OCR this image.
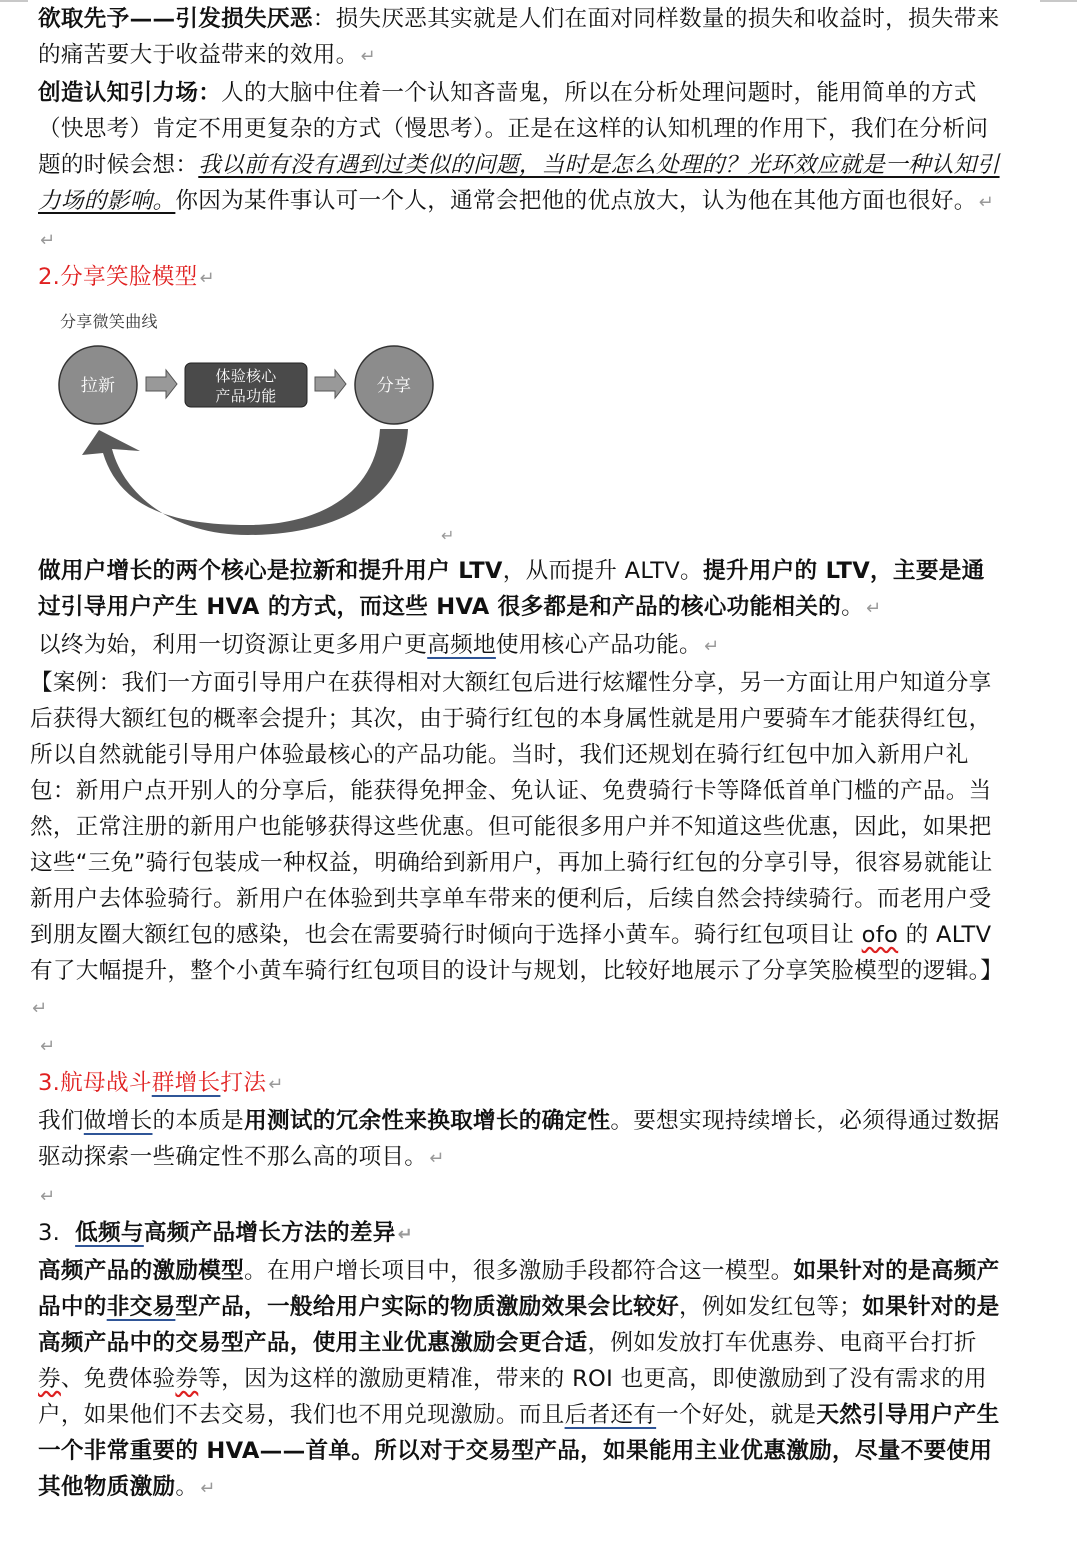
欲取先予——引发损失厌恶：损失厌恶其实就是人们在面对同样数量的损失和收益时，损失带来的痛苦要大于收益带来的效用。 ↵

创造认知引力场：人的大脑中住着一个认知吝啬鬼，所以在分析处理问题时，能用简单的方式（快思考）肯定不用更复杂的方式（慢思考）。正是在这样的认知机理的作用下，我们在分析问题的时候会想：我以前有没有遇到过类似的问题，当时是怎么处理的？光环效应就是一种认知引力场的影响。你因为某件事认可一个人，通常会把他的优点放大，认为他在其他方面也很好。 ↵

↵

2.分享笑脸模型 ↵

分享微笑曲线
拉新	体验核心
产品功能	分享
↵

做用户增长的两个核心是拉新和提升用户 LTV，从而提升 ALTV。提升用户的 LTV，主要是通过引导用户产生 HVA 的方式，而这些 HVA 很多都是和产品的核心功能相关的。 ↵

以终为始，利用一切资源让更多用户更高频地使用核心产品功能。 ↵

【案例：我们一方面引导用户在获得相对大额红包后进行炫耀性分享，另一方面让用户知道分享后获得大额红包的概率会提升；其次，由于骑行红包的本身属性就是用户要骑车才能获得红包，所以自然就能引导用户体验最核心的产品功能。当时，我们还规划在骑行红包中加入新用户礼包：新用户点开别人的分享后，能获得免押金、免认证、免费骑行卡等降低首单门槛的产品。当然，正常注册的新用户也能够获得这些优惠。但可能很多用户并不知道这些优惠，因此，如果把这些“三免”骑行包装成一种权益，明确给到新用户，再加上骑行红包的分享引导，很容易就能让新用户去体验骑行。新用户在体验到共享单车带来的便利后，后续自然会持续骑行。而老用户受到朋友圈大额红包的感染，也会在需要骑行时倾向于选择小黄车。骑行红包项目让 ofo 的 ALTV 有了大幅提升，整个小黄车骑行红包项目的设计与规划，比较好地展示了分享笑脸模型的逻辑。】↵

↵

3.航母战斗群增长打法 ↵

我们做增长的本质是用测试的冗余性来换取增长的确定性。要想实现持续增长，必须得通过数据驱动探索一些确定性不那么高的项目。 ↵

↵

3.  低频与高频产品增长方法的差异 ↵

高频产品的激励模型。在用户增长项目中，很多激励手段都符合这一模型。如果针对的是高频产品中的非交易型产品，一般给用户实际的物质激励效果会比较好，例如发红包等；如果针对的是高频产品中的交易型产品，使用主业优惠激励会更合适，例如发放打车优惠券、电商平台打折券、免费体验券等，因为这样的激励更精准，带来的 ROI 也更高，即使激励到了没有需求的用户，如果他们不去交易，我们也不用兑现激励。而且后者还有一个好处，就是天然引导用户产生一个非常重要的 HVA——首单。所以对于交易型产品，如果能用主业优惠激励，尽量不要使用其他物质激励。 ↵
